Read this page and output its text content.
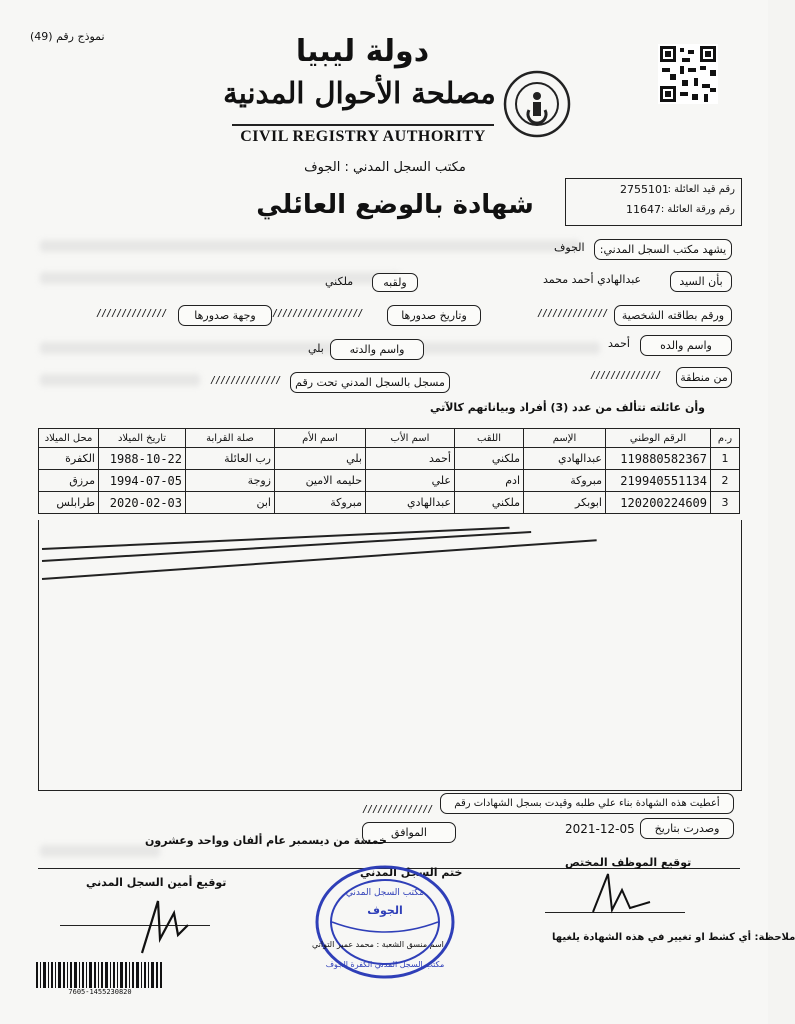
نموذج رقم (49)	دولة ليبيا
مصلحة الأحوال المدنية
CIVIL REGISTRY AUTHORITY
مكتب السجل المدني : الجوف
رقم قيد العائلة :
2755101
رقم ورقة العائلة :
11647
شهادة بالوضع العائلي
يشهد مكتب السجل المدني:
الجوف
بأن السيد
عبدالهادي أحمد محمد
ولقبه
ملكني
ورقم بطاقته الشخصية
//////////////
وتاريخ صدورها
//////////////////
وجهة صدورها
//////////////
واسم والده
أحمد
واسم والدته
بلي
من منطقة
//////////////
مسجل بالسجل المدني تحت رقم
//////////////
وأن عائلته تتألف من عدد (3) أفراد وبياناتهم كالآتي
ر.م	الرقم الوطني	الإسم	اللقب	اسم الأب	اسم الأم	صلة القرابة	تاريخ الميلاد	محل الميلاد
1	119880582367	عبدالهادي	ملكني	أحمد	بلي	رب العائلة	1988-10-22	الكفرة
2	219940551134	مبروكة	ادم	علي	حليمه الامين	زوجة	1994-07-05	مرزق
3	120200224609	ابوبكر	ملكني	عبدالهادي	مبروكة	ابن	2020-02-03	طرابلس
أعطيت هذه الشهادة بناء علي طلبه وقيدت بسجل الشهادات رقم
//////////////
وصدرت بتاريخ
2021-12-05
الموافق
خمسة من ديسمبر عام ألفان وواحد وعشرون
توقيع الموظف المختص
ختم السجل المدني
توقيع أمين السجل المدني
مكتب السجل المدني
الجوف
مكتب السجل المدني الكفرة الجوف
اسم منسق الشعبة : محمد عمير التواتي
ملاحظة: أي كشط او تغيير في هذه الشهادة يلغيها
7605-1455230820
